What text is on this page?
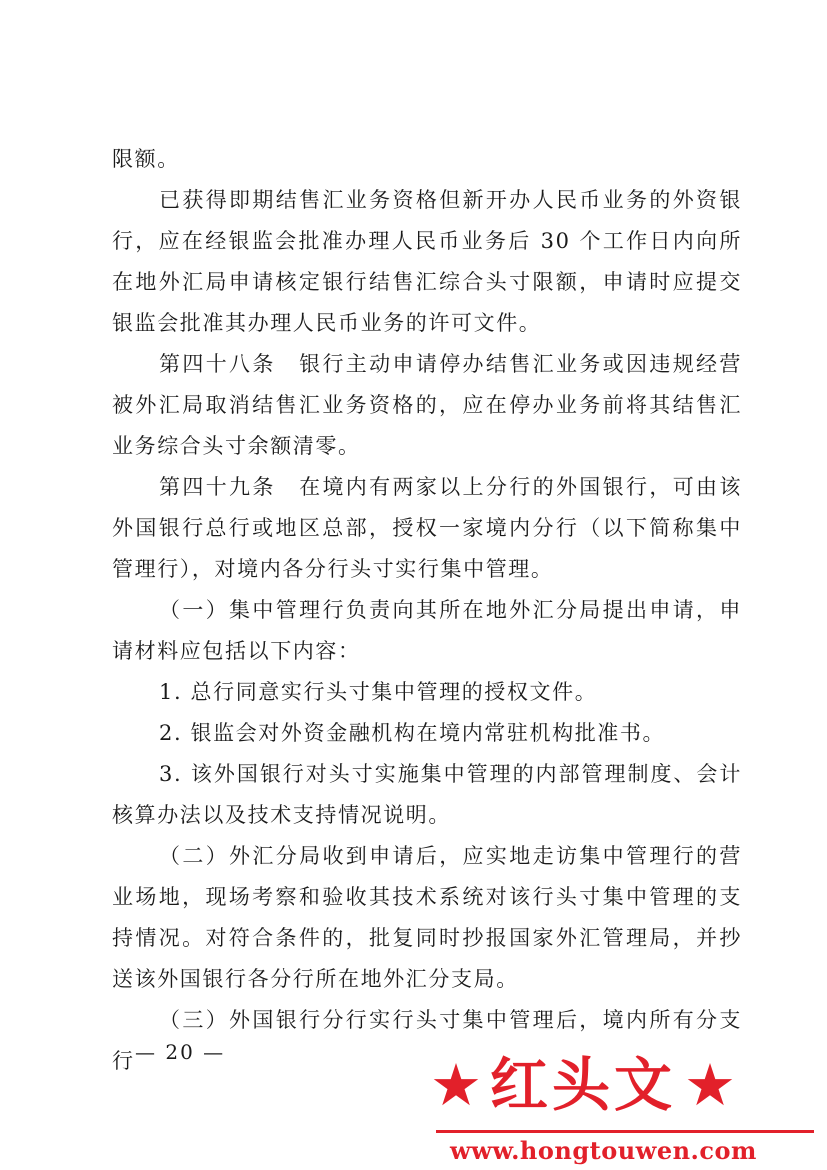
限额。

已获得即期结售汇业务资格但新开办人民币业务的外资银行，应在经银监会批准办理人民币业务后 30 个工作日内向所在地外汇局申请核定银行结售汇综合头寸限额，申请时应提交银监会批准其办理人民币业务的许可文件。

第四十八条　银行主动申请停办结售汇业务或因违规经营被外汇局取消结售汇业务资格的，应在停办业务前将其结售汇业务综合头寸余额清零。

第四十九条　在境内有两家以上分行的外国银行，可由该外国银行总行或地区总部，授权一家境内分行（以下简称集中管理行），对境内各分行头寸实行集中管理。

（一）集中管理行负责向其所在地外汇分局提出申请，申请材料应包括以下内容：

1. 总行同意实行头寸集中管理的授权文件。

2. 银监会对外资金融机构在境内常驻机构批准书。

3. 该外国银行对头寸实施集中管理的内部管理制度、会计核算办法以及技术支持情况说明。

（二）外汇分局收到申请后，应实地走访集中管理行的营业场地，现场考察和验收其技术系统对该行头寸集中管理的支持情况。对符合条件的，批复同时抄报国家外汇管理局，并抄送该外国银行各分行所在地外汇分支局。

（三）外国银行分行实行头寸集中管理后，境内所有分支行 — 20 —	★ 红头文 ★
www.hongtouwen.com
